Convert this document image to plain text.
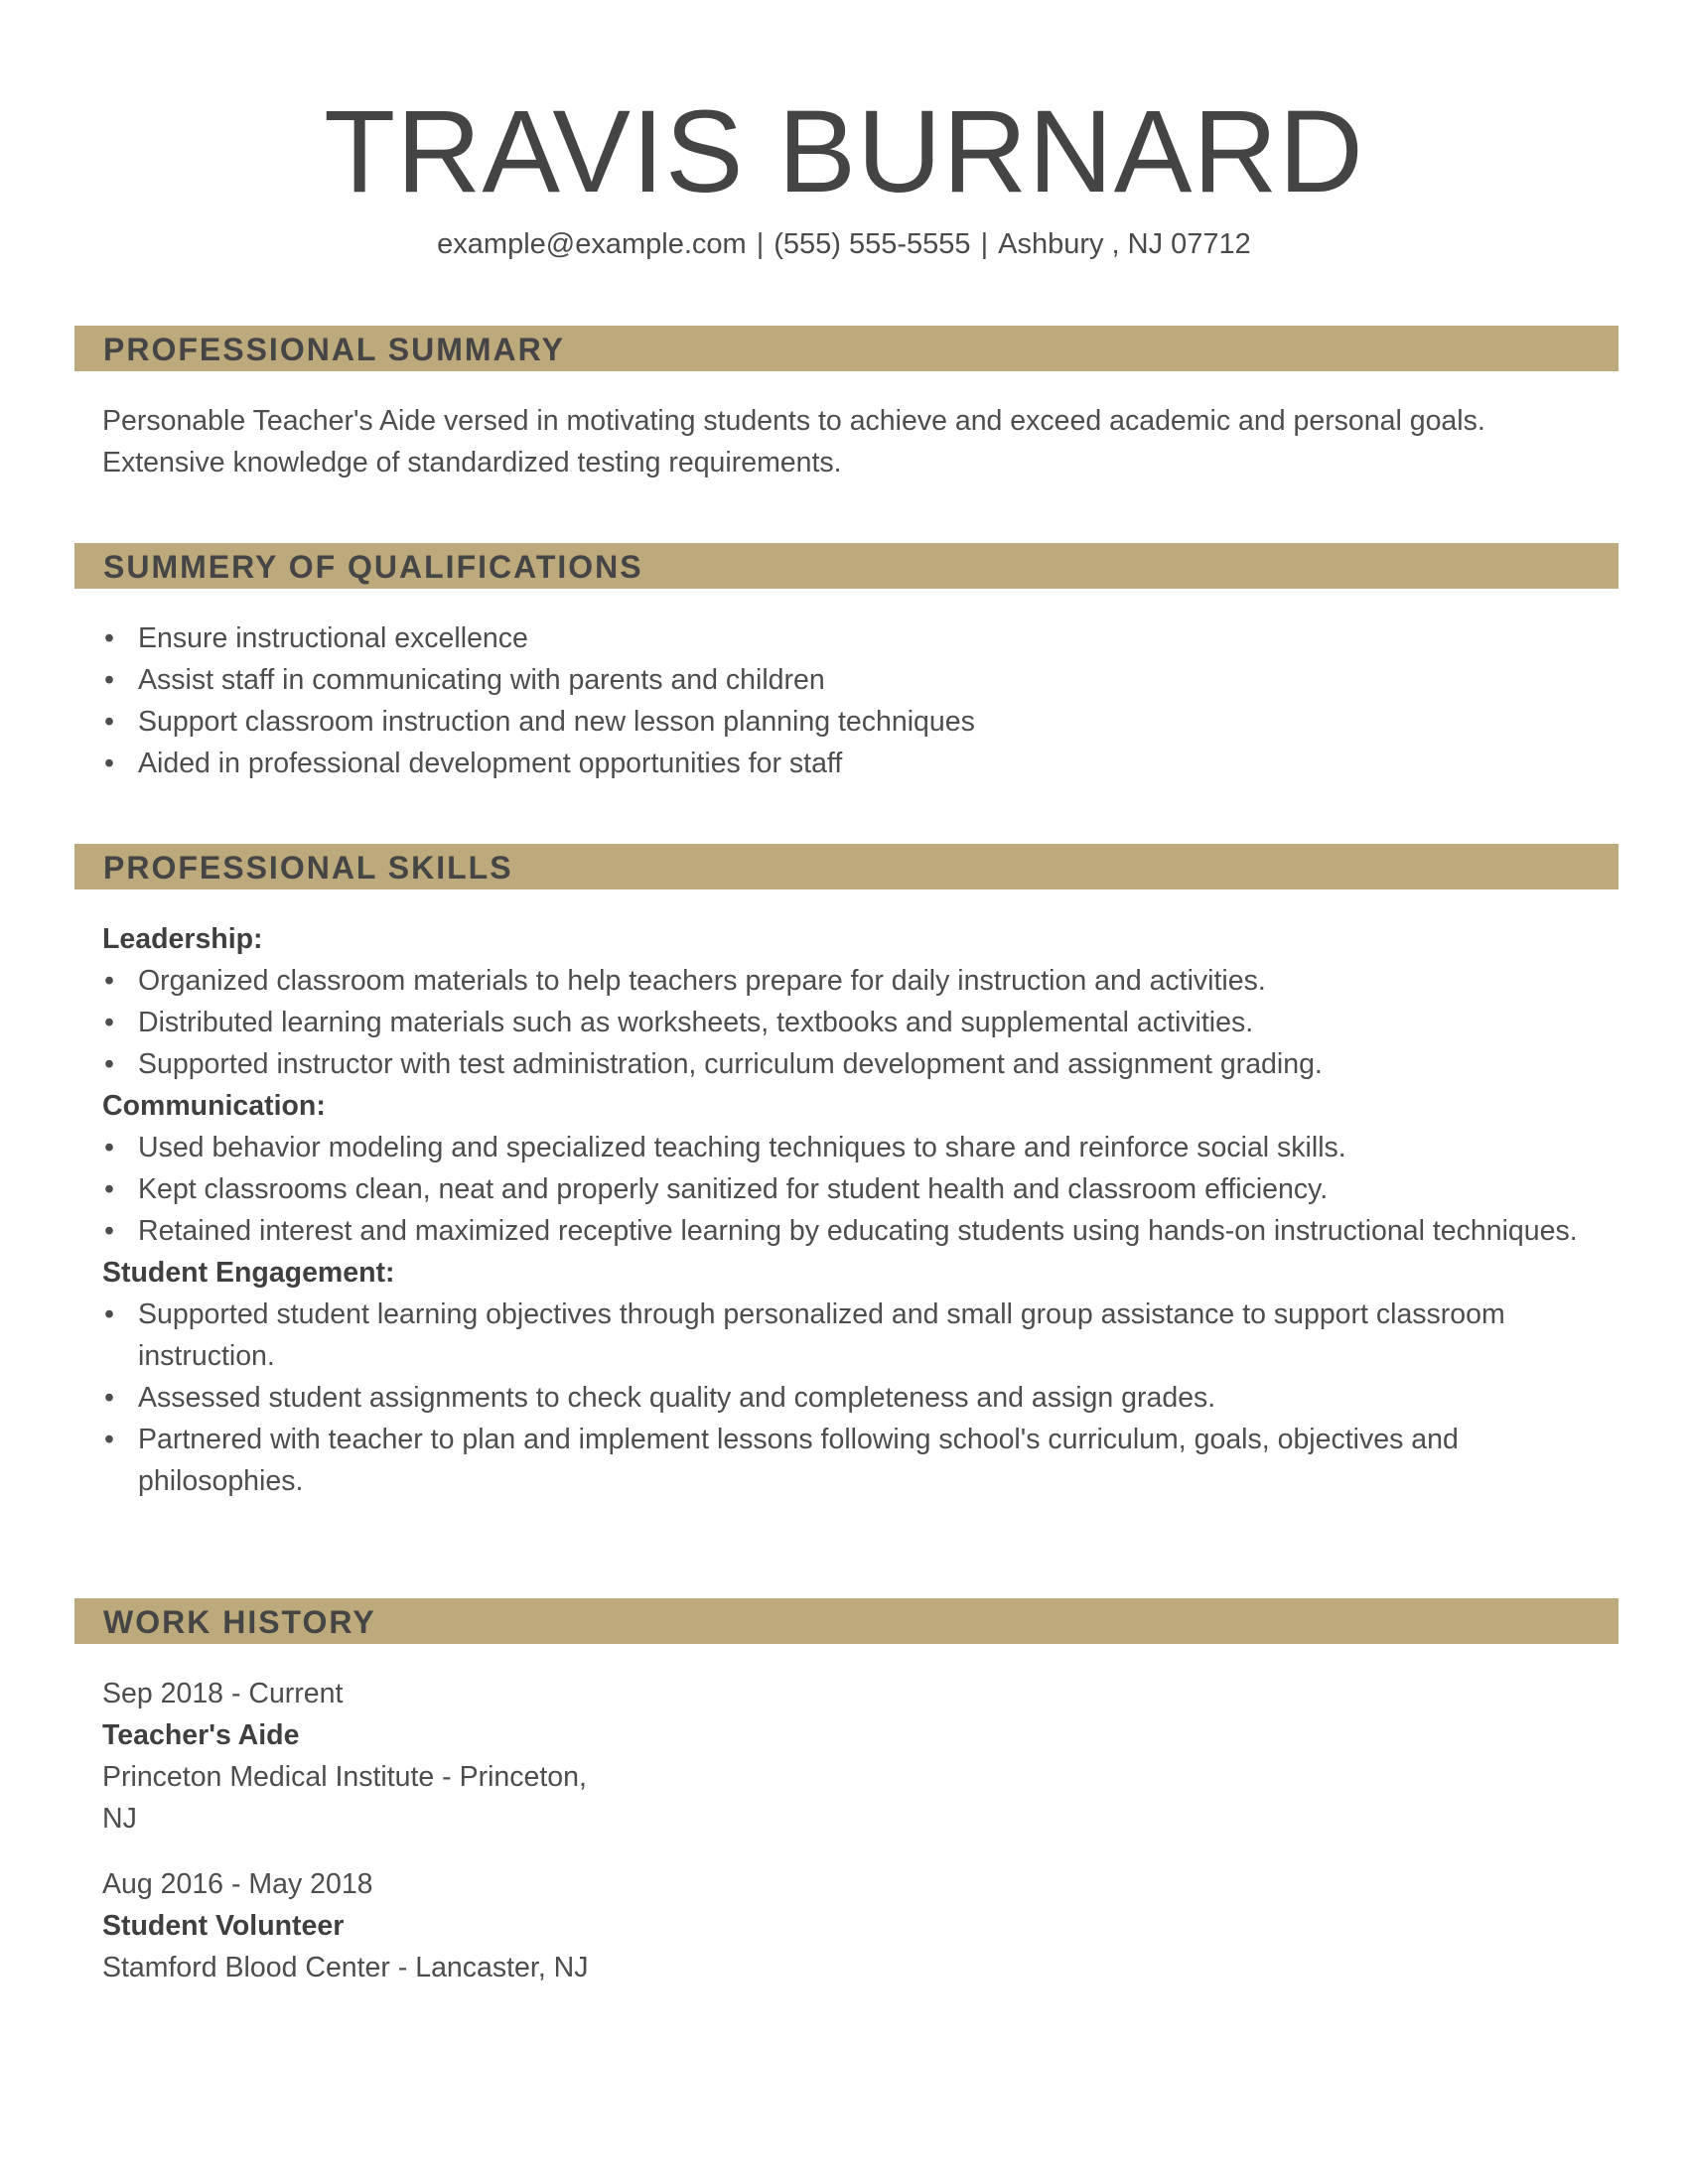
TRAVIS BURNARD
example@example.com | (555) 555-5555 | Ashbury , NJ 07712
PROFESSIONAL SUMMARY

Personable Teacher's Aide versed in motivating students to achieve and exceed academic and personal goals. Extensive knowledge of standardized testing requirements.

SUMMERY OF QUALIFICATIONS
• Ensure instructional excellence
• Assist staff in communicating with parents and children
• Support classroom instruction and new lesson planning techniques
• Aided in professional development opportunities for staff
PROFESSIONAL SKILLS
Leadership:
• Organized classroom materials to help teachers prepare for daily instruction and activities.
• Distributed learning materials such as worksheets, textbooks and supplemental activities.
• Supported instructor with test administration, curriculum development and assignment grading.
Communication:
• Used behavior modeling and specialized teaching techniques to share and reinforce social skills.
• Kept classrooms clean, neat and properly sanitized for student health and classroom efficiency.
• Retained interest and maximized receptive learning by educating students using hands-on instructional techniques.
Student Engagement:
• Supported student learning objectives through personalized and small group assistance to support classroom instruction.
• Assessed student assignments to check quality and completeness and assign grades.
• Partnered with teacher to plan and implement lessons following school's curriculum, goals, objectives and philosophies.
WORK HISTORY
Sep 2018 - Current
Teacher's Aide
Princeton Medical Institute - Princeton, NJ
Aug 2016 - May 2018
Student Volunteer
Stamford Blood Center - Lancaster, NJ
